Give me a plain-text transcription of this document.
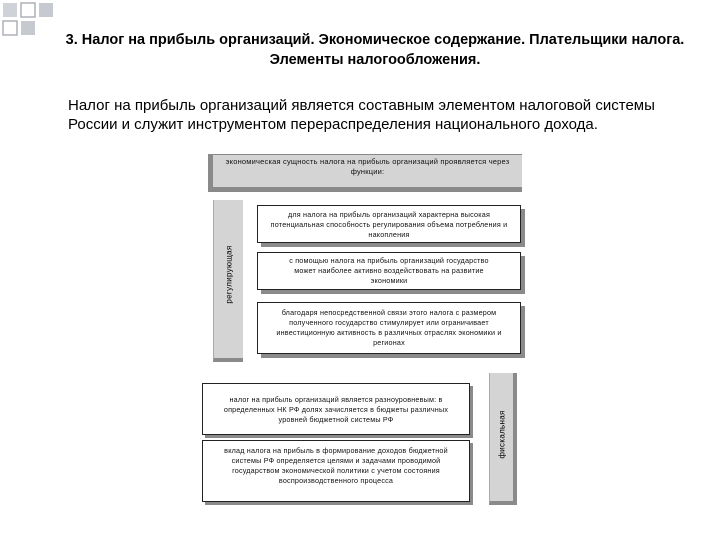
3. Налог на прибыль организаций. Экономическое содержание. Плательщики налога. Элементы налогообложения.
Налог на прибыль организаций является составным элементом налоговой системы России и служит инструментом перераспределения национального дохода.
экономическая сущность налога на прибыль организаций проявляется через функции:
регулирующая
для налога на прибыль организаций характерна высокая потенциальная способность регулирования объема потребления и накопления
с помощью налога на прибыль организаций государство может наиболее активно воздействовать на развитие экономики
благодаря непосредственной связи этого налога с размером полученного государство стимулирует или ограничивает инвестиционную активность в различных отраслях экономики и регионах
налог на прибыль организаций является разноуровневым: в определенных НК РФ долях зачисляется в бюджеты различных уровней бюджетной системы РФ
вклад налога на прибыль в формирование доходов бюджетной системы РФ определяется целями и задачами проводимой государством экономической политики с учетом состояния воспроизводственного процесса
фискальная
